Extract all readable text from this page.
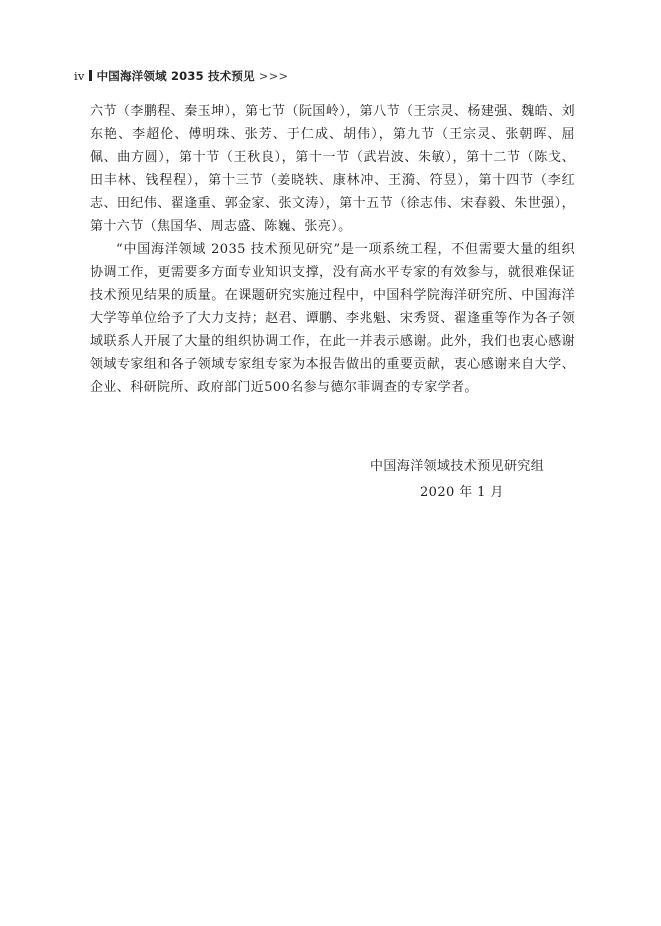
iv 中国海洋领域 2035 技术预见 >>>

六节（李鹏程、秦玉坤），第七节（阮国岭），第八节（王宗灵、杨建强、魏皓、刘东艳、李超伦、傅明珠、张芳、于仁成、胡伟），第九节（王宗灵、张朝晖、屈佩、曲方圆），第十节（王秋良），第十一节（武岩波、朱敏），第十二节（陈戈、田丰林、钱程程），第十三节（姜晓轶、康林冲、王漪、符昱），第十四节（李红志、田纪伟、翟逢重、郭金家、张文涛），第十五节（徐志伟、宋春毅、朱世强），第十六节（焦国华、周志盛、陈巍、张亮）。

“中国海洋领域 2035 技术预见研究”是一项系统工程，不但需要大量的组织协调工作，更需要多方面专业知识支撑，没有高水平专家的有效参与，就很难保证技术预见结果的质量。在课题研究实施过程中，中国科学院海洋研究所、中国海洋大学等单位给予了大力支持；赵君、谭鹏、李兆魁、宋秀贤、翟逢重等作为各子领域联系人开展了大量的组织协调工作，在此一并表示感谢。此外，我们也衷心感谢领域专家组和各子领域专家组专家为本报告做出的重要贡献，衷心感谢来自大学、企业、科研院所、政府部门近500名参与德尔菲调查的专家学者。

中国海洋领域技术预见研究组
2020 年 1 月
